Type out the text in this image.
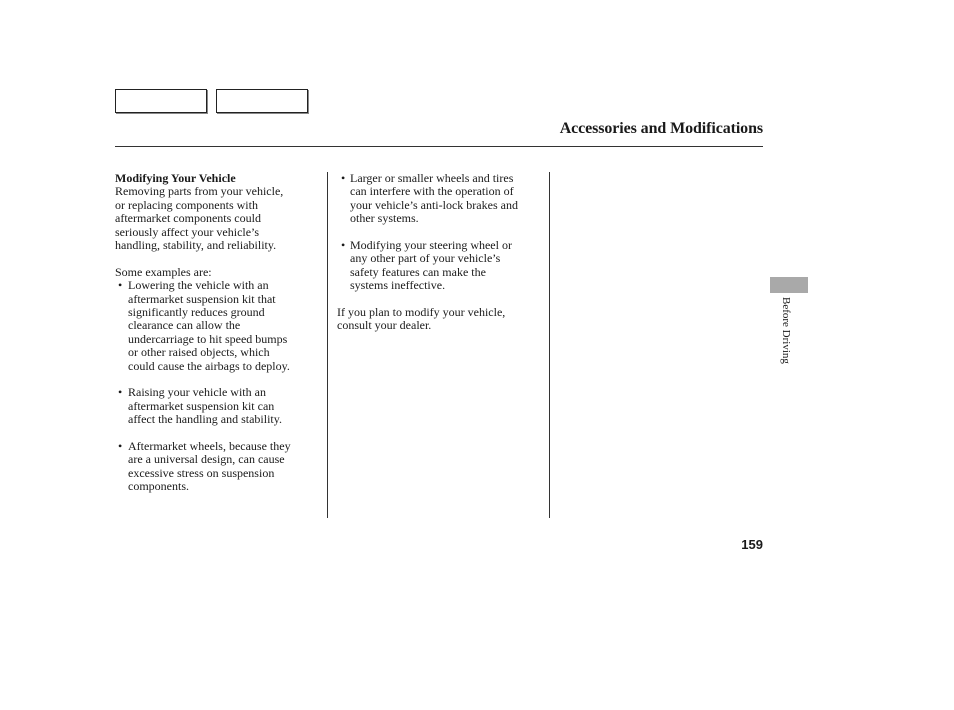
Accessories and Modifications

Modifying Your Vehicle

Removing parts from your vehicle,
or replacing components with
aftermarket components could
seriously affect your vehicle’s
handling, stability, and reliability.

Some examples are:

• Lowering the vehicle with an
aftermarket suspension kit that
significantly reduces ground
clearance can allow the
undercarriage to hit speed bumps
or other raised objects, which
could cause the airbags to deploy.
• Raising your vehicle with an
aftermarket suspension kit can
affect the handling and stability.
• Aftermarket wheels, because they
are a universal design, can cause
excessive stress on suspension
components.
• Larger or smaller wheels and tires
can interfere with the operation of
your vehicle’s anti-lock brakes and
other systems.
• Modifying your steering wheel or
any other part of your vehicle’s
safety features can make the
systems ineffective.

If you plan to modify your vehicle,
consult your dealer.	Before Driving
159
